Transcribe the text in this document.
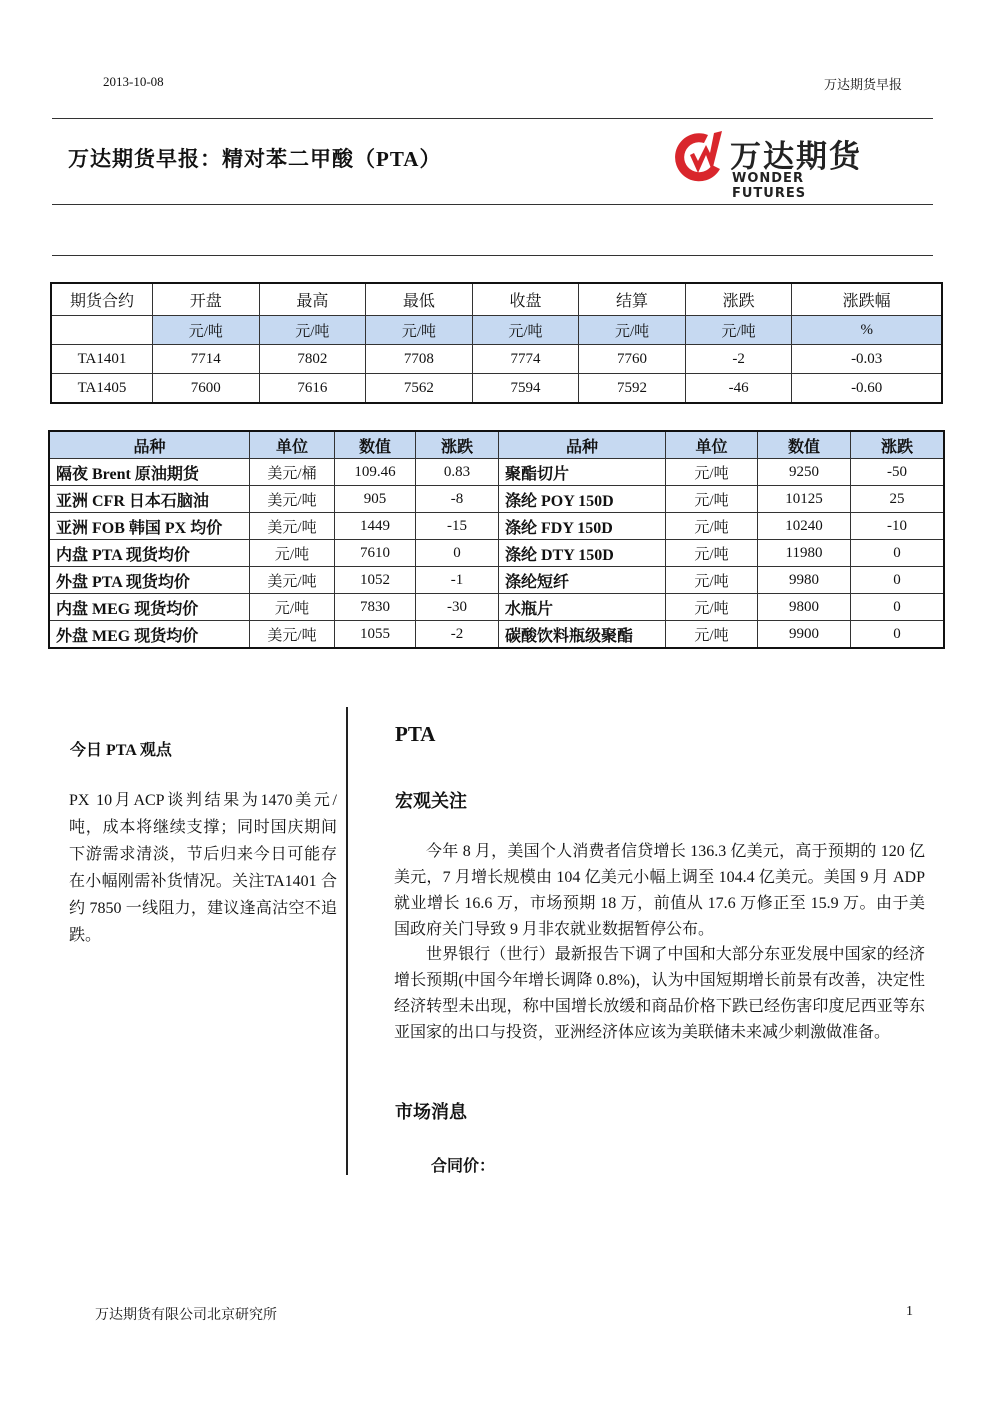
2013-10-08	万达期货早报
万达期货早报：精对苯二甲酸（PTA）	万达期货
WONDER FUTURES
期货合约	开盘	最高	最低	收盘	结算	涨跌	涨跌幅
	元/吨	元/吨	元/吨	元/吨	元/吨	元/吨	%
TA1401	7714	7802	7708	7774	7760	-2	-0.03
TA1405	7600	7616	7562	7594	7592	-46	-0.60
品种	单位	数值	涨跌	品种	单位	数值	涨跌
隔夜 Brent 原油期货	美元/桶	109.46	0.83	聚酯切片	元/吨	9250	-50
亚洲 CFR 日本石脑油	美元/吨	905	-8	涤纶 POY 150D	元/吨	10125	25
亚洲 FOB 韩国 PX 均价	美元/吨	1449	-15	涤纶 FDY 150D	元/吨	10240	-10
内盘 PTA 现货均价	元/吨	7610	0	涤纶 DTY 150D	元/吨	11980	0
外盘 PTA 现货均价	美元/吨	1052	-1	涤纶短纤	元/吨	9980	0
内盘 MEG 现货均价	元/吨	7830	-30	水瓶片	元/吨	9800	0
外盘 MEG 现货均价	美元/吨	1055	-2	碳酸饮料瓶级聚酯	元/吨	9900	0
今日 PTA 观点
PX 10月ACP谈判结果为1470美元/吨，成本将继续支撑；同时国庆期间下游需求清淡，节后归来今日可能存在小幅刚需补货情况。关注TA1401 合约 7850 一线阻力，建议逢高沽空不追跌。
PTA
宏观关注

今年 8 月，美国个人消费者信贷增长 136.3 亿美元，高于预期的 120 亿美元，7 月增长规模由 104 亿美元小幅上调至 104.4 亿美元。美国 9 月 ADP 就业增长 16.6 万，市场预期 18 万，前值从 17.6 万修正至 15.9 万。由于美国政府关门导致 9 月非农就业数据暂停公布。

世界银行（世行）最新报告下调了中国和大部分东亚发展中国家的经济增长预期(中国今年增长调降 0.8%)，认为中国短期增长前景有改善，决定性经济转型未出现，称中国增长放缓和商品价格下跌已经伤害印度尼西亚等东亚国家的出口与投资，亚洲经济体应该为美联储未来减少刺激做准备。

市场消息
合同价：
万达期货有限公司北京研究所	1
